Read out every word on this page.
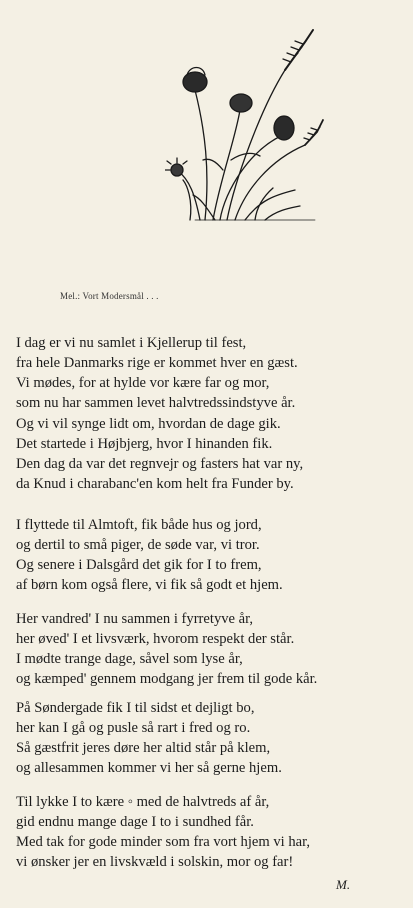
Mel.: Vort Modersmål . . .
I dag er vi nu samlet i Kjellerup til fest,
fra hele Danmarks rige er kommet hver en gæst.
Vi mødes, for at hylde vor kære far og mor,
som nu har sammen levet halvtredssindstyve år.
Og vi vil synge lidt om, hvordan de dage gik.
Det startede i Højbjerg, hvor I hinanden fik.
Den dag da var det regnvejr og fasters hat var ny,
da Knud i charabanc'en kom helt fra Funder by.
I flyttede til Almtoft, fik både hus og jord,
og dertil to små piger, de søde var, vi tror.
Og senere i Dalsgård det gik for I to frem,
af børn kom også flere, vi fik så godt et hjem.
Her vandred' I nu sammen i fyrretyve år,
her øved' I et livsværk, hvorom respekt der står.
I mødte trange dage, såvel som lyse år,
og kæmped' gennem modgang jer frem til gode kår.
På Søndergade fik I til sidst et dejligt bo,
her kan I gå og pusle så rart i fred og ro.
Så gæstfrit jeres døre her altid står på klem,
og allesammen kommer vi her så gerne hjem.
Til lykke I to kære ◦ med de halvtreds af år,
gid endnu mange dage I to i sundhed får.
Med tak for gode minder som fra vort hjem vi har,
vi ønsker jer en livskvæld i solskin, mor og far!
M.
